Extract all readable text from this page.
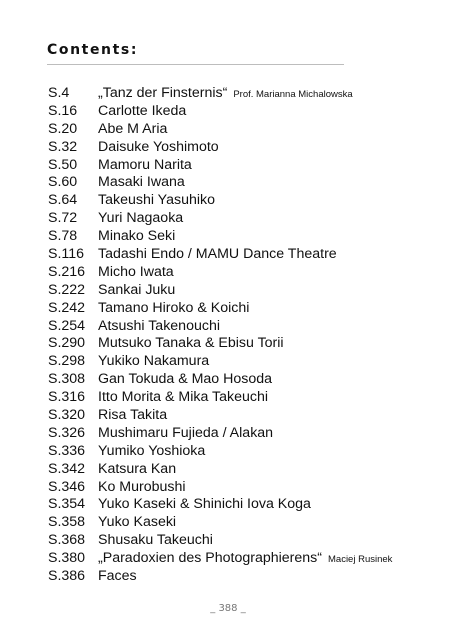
Contents:
S.4 „Tanz der Finsternis“ Prof. Marianna Michalowska
S.16 Carlotte Ikeda
S.20 Abe M Aria
S.32 Daisuke Yoshimoto
S.50 Mamoru Narita
S.60 Masaki Iwana
S.64 Takeushi Yasuhiko
S.72 Yuri Nagaoka
S.78 Minako Seki
S.116 Tadashi Endo / MAMU Dance Theatre
S.216 Micho Iwata
S.222 Sankai Juku
S.242 Tamano Hiroko & Koichi
S.254 Atsushi Takenouchi
S.290 Mutsuko Tanaka & Ebisu Torii
S.298 Yukiko Nakamura
S.308 Gan Tokuda & Mao Hosoda
S.316 Itto Morita & Mika Takeuchi
S.320 Risa Takita
S.326 Mushimaru Fujieda / Alakan
S.336 Yumiko Yoshioka
S.342 Katsura Kan
S.346 Ko Murobushi
S.354 Yuko Kaseki & Shinichi Iova Koga
S.358 Yuko Kaseki
S.368 Shusaku Takeuchi
S.380 „Paradoxien des Photographierens“ Maciej Rusinek
S.386 Faces
_ 388 _
